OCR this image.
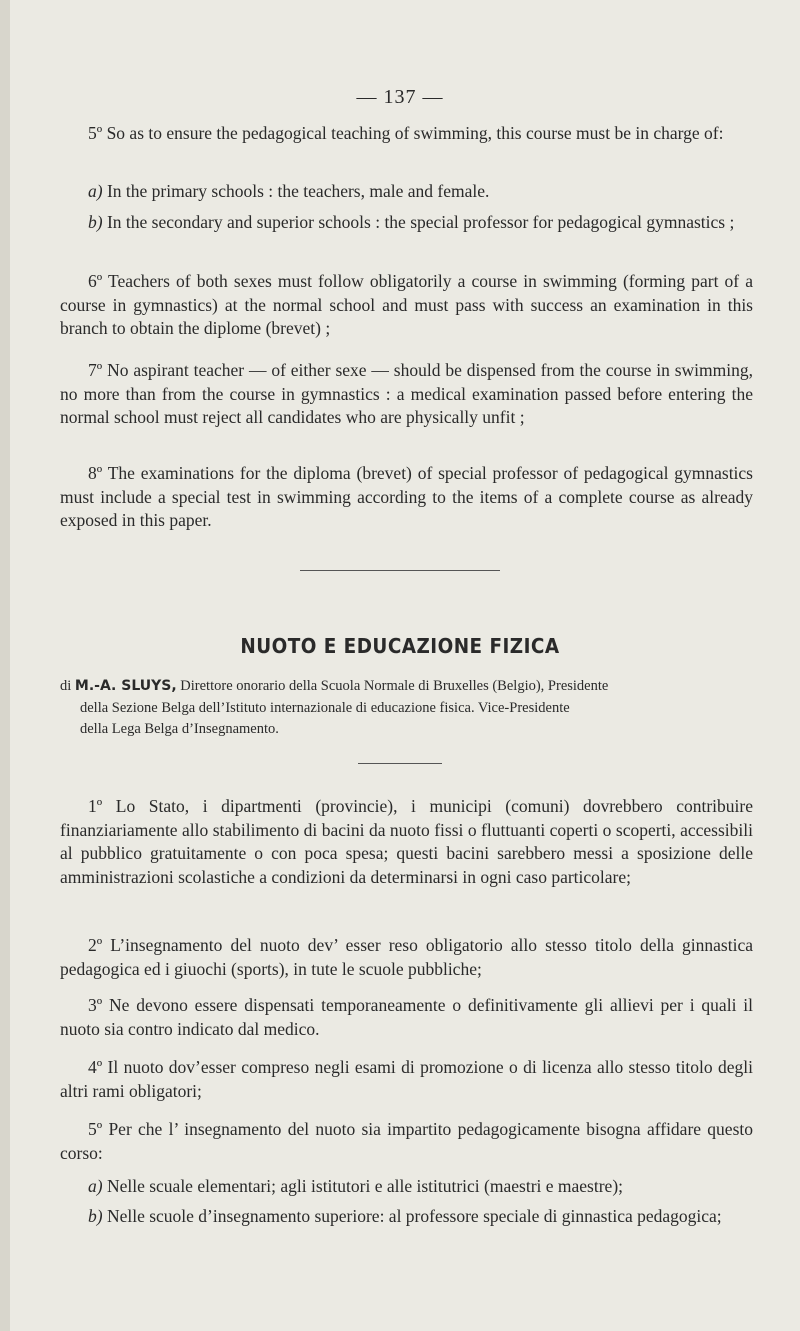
— 137 —

5º So as to ensure the pedagogical teaching of swimming, this course must be in charge of:

a) In the primary schools : the teachers, male and female.

b) In the secondary and superior schools : the special professor for pedagogical gymnastics ;

6º Teachers of both sexes must follow obligatorily a course in swimming (forming part of a course in gymnastics) at the normal school and must pass with success an examination in this branch to obtain the diplome (brevet) ;

7º No aspirant teacher — of either sexe — should be dispensed from the course in swimming, no more than from the course in gymnastics : a medical examination passed before entering the normal school must reject all candidates who are physically unfit ;

8º The examinations for the diploma (brevet) of special professor of pedagogical gymnastics must include a special test in swimming according to the items of a complete course as already exposed in this paper.

NUOTO E EDUCAZIONE FIZICA
di M.-A. SLUYS, Direttore onorario della Scuola Normale di Bruxelles (Belgio), Presidente
della Sezione Belga dell’Istituto internazionale di educazione fisica. Vice-Presidente
della Lega Belga d’Insegnamento.

1º Lo Stato, i dipartmenti (provincie), i municipi (comuni) dovrebbero contribuire finanziariamente allo stabilimento di bacini da nuoto fissi o fluttuanti coperti o scoperti, accessibili al pubblico gratuitamente o con poca spesa; questi bacini sarebbero messi a sposizione delle amministrazioni scolastiche a condizioni da determinarsi in ogni caso particolare;

2º L’insegnamento del nuoto dev’ esser reso obligatorio allo stesso titolo della ginnastica pedagogica ed i giuochi (sports), in tute le scuole pubbliche;

3º Ne devono essere dispensati temporaneamente o definitivamente gli allievi per i quali il nuoto sia contro indicato dal medico.

4º Il nuoto dov’esser compreso negli esami di promozione o di licenza allo stesso titolo degli altri rami obligatori;

5º Per che l’ insegnamento del nuoto sia impartito pedagogicamente bisogna affidare questo corso:

a) Nelle scuale elementari; agli istitutori e alle istitutrici (maestri e maestre);

b) Nelle scuole d’insegnamento superiore: al professore speciale di ginnastica pedagogica;
